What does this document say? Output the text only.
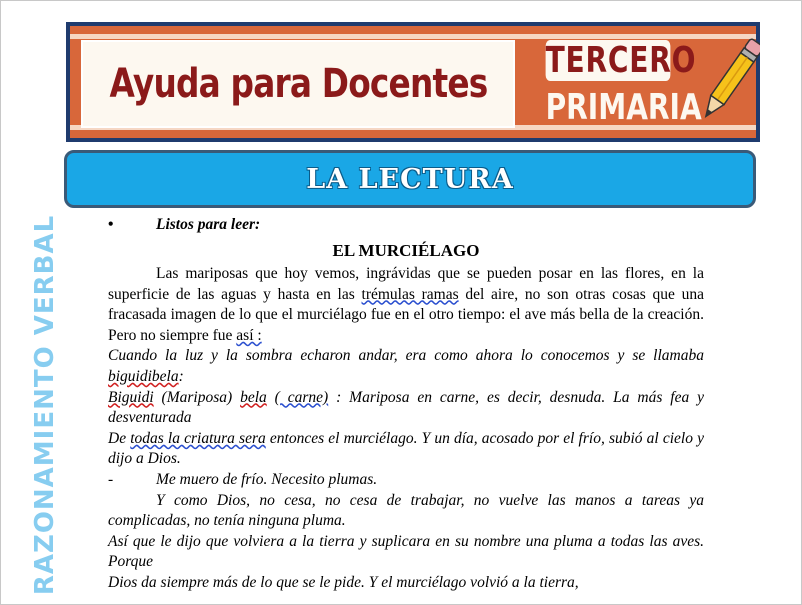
Ayuda para Docentes
TERCERO
PRIMARIA
LA LECTURA
RAZONAMIENTO VERBAL	•	Listos para leer:
EL MURCIÉLAGO

Las mariposas que hoy vemos, ingrávidas que se pueden posar en las flores, en la superficie de las aguas y hasta en las trémulas ramas del aire, no son otras cosas que una fracasada imagen de lo que el murciélago fue en el otro tiempo: el ave más bella de la creación. Pero no siempre fue así :

Cuando la luz y la sombra echaron andar, era como ahora lo conocemos y se llamaba biguidibela:

Biguidi (Mariposa) bela ( carne) : Mariposa en carne, es decir, desnuda. La más fea y desventurada

De todas la criatura sera entonces el murciélago. Y un día, acosado por el frío, subió al cielo y dijo a Dios.

-	Me muero de frío. Necesito plumas.

Y como Dios, no cesa, no cesa de trabajar, no vuelve las manos a tareas ya complicadas, no tenía ninguna pluma.

Así que le dijo que volviera a la tierra y suplicara en su nombre una pluma a todas las aves. Porque

Dios da siempre más de lo que se le pide. Y el murciélago volvió a la tierra,
